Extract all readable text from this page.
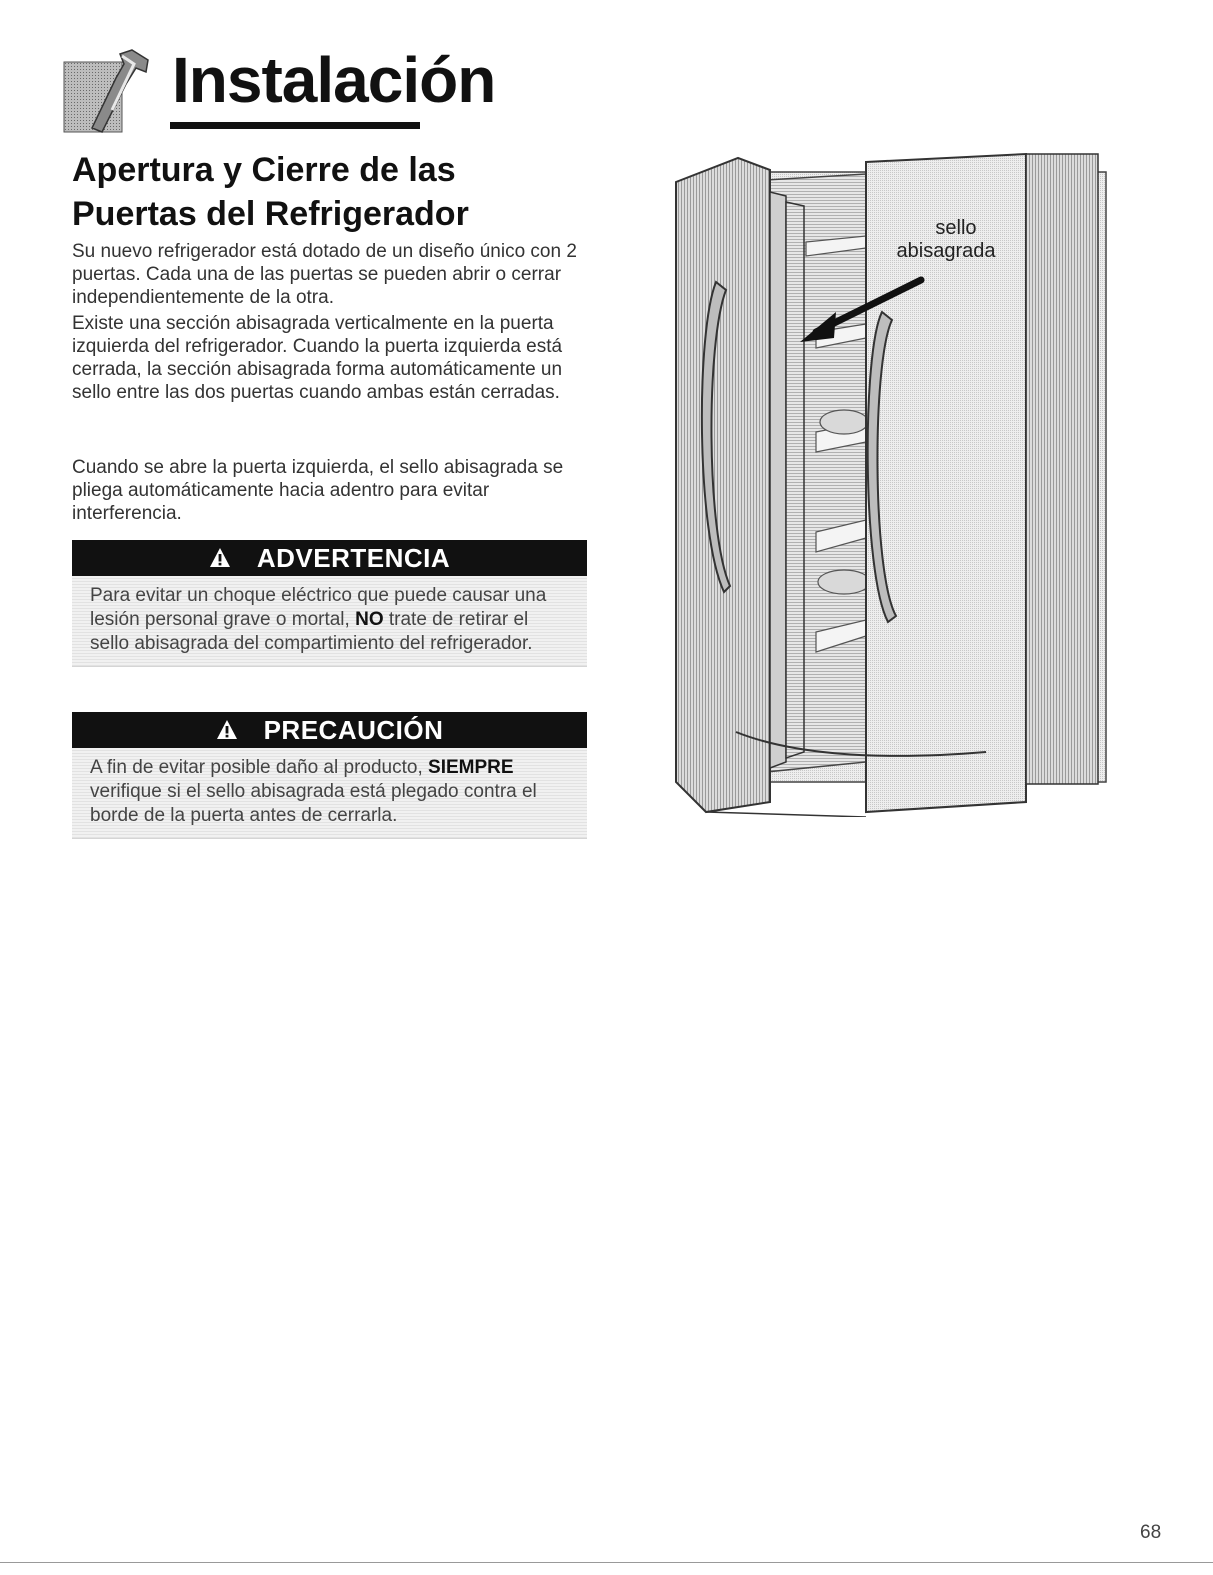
Instalación
Apertura y Cierre de las
Puertas del Refrigerador

Su nuevo refrigerador está dotado de un diseño único con 2 puertas. Cada una de las puertas se pueden abrir o cerrar independientemente de la otra.

Existe una sección abisagrada verticalmente en la puerta izquierda del refrigerador. Cuando la puerta izquierda está cerrada, la sección abisagrada forma automáticamente un sello entre las dos puertas cuando ambas están cerradas.

Cuando se abre la puerta izquierda, el sello abisagrada se pliega automáticamente hacia adentro para evitar interferencia.

ADVERTENCIA
Para evitar un choque eléctrico que puede causar una lesión personal grave o mortal, NO trate de retirar el sello abisagrada del compartimiento del refrigerador.
PRECAUCIÓN
A fin de evitar posible daño al producto, SIEMPRE verifique si el sello abisagrada está plegado contra el borde de la puerta antes de cerrarla.
sello
abisagrada
68
